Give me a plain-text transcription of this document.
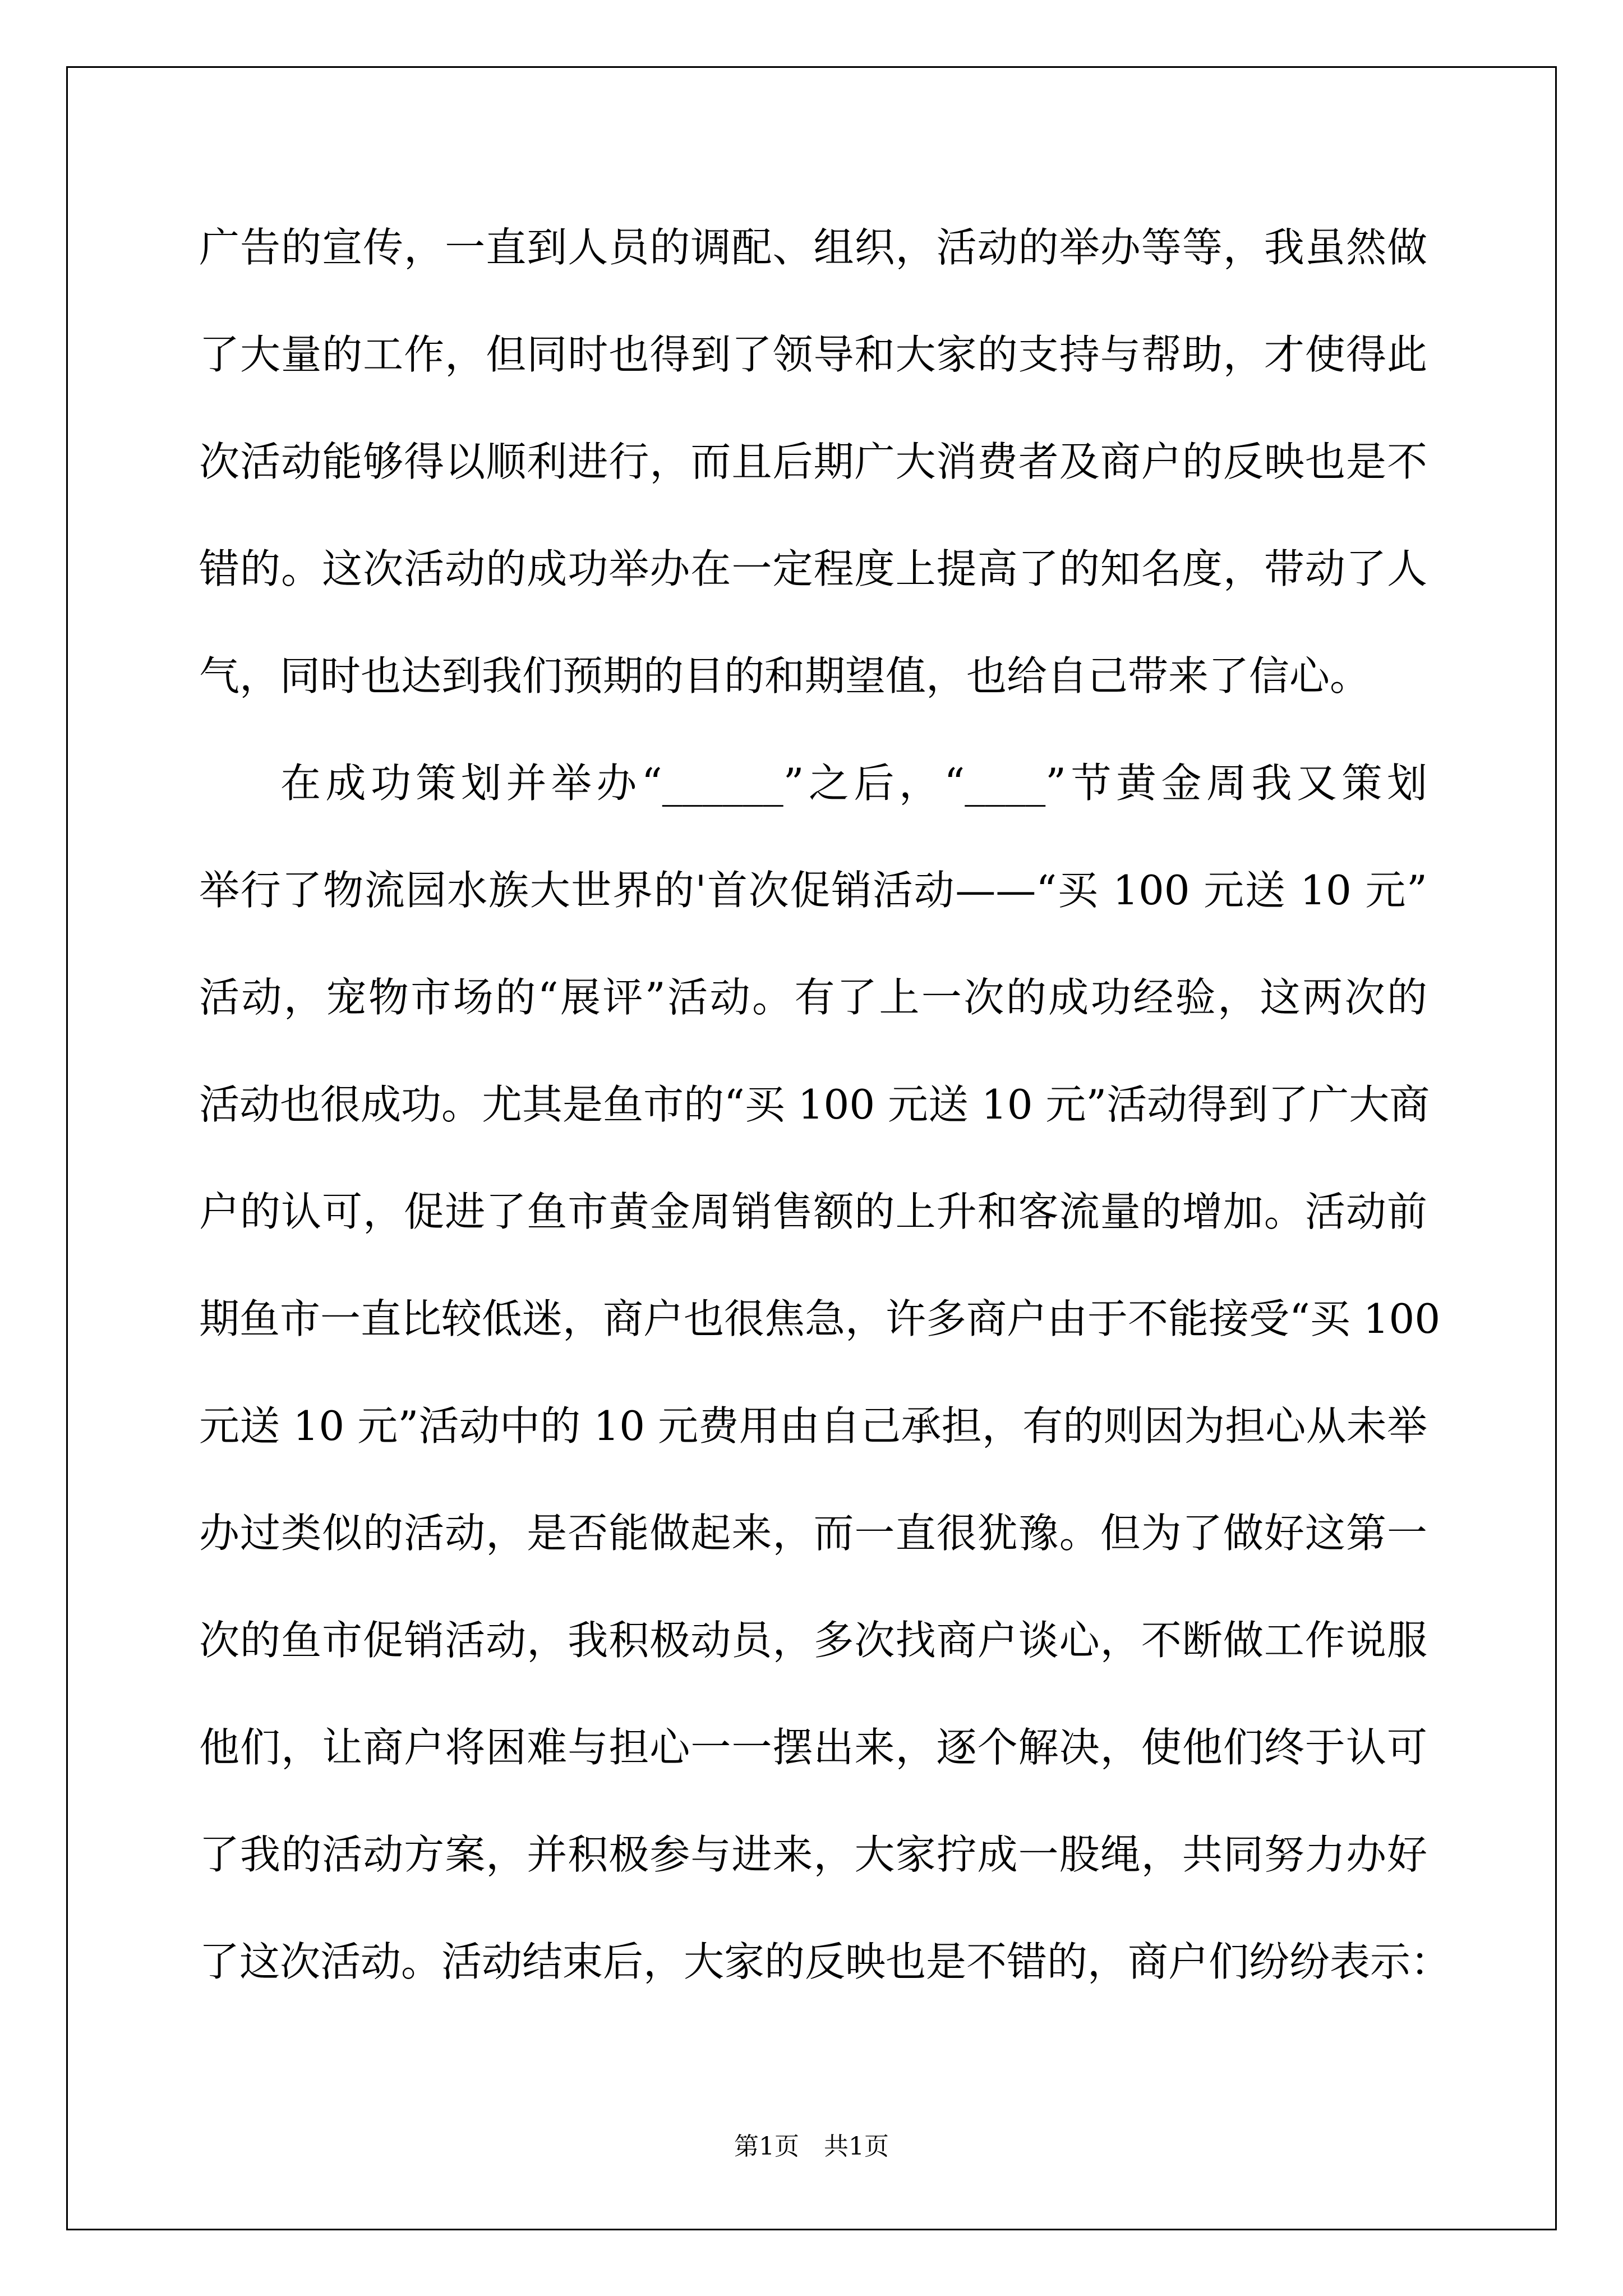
广告的宣传，一直到人员的调配、组织，活动的举办等等，我虽然做
了大量的工作，但同时也得到了领导和大家的支持与帮助，才使得此
次活动能够得以顺利进行，而且后期广大消费者及商户的反映也是不
错的。这次活动的成功举办在一定程度上提高了的知名度，带动了人
气，同时也达到我们预期的目的和期望值，也给自己带来了信心。
在成功策划并举办“______”之后，“____”节黄金周我又策划
举行了物流园水族大世界的'首次促销活动——“买 100 元送 10 元”
活动，宠物市场的“展评”活动。有了上一次的成功经验，这两次的
活动也很成功。尤其是鱼市的“买 100 元送 10 元”活动得到了广大商
户的认可，促进了鱼市黄金周销售额的上升和客流量的增加。活动前
期鱼市一直比较低迷，商户也很焦急，许多商户由于不能接受“买 100
元送 10 元”活动中的 10 元费用由自己承担，有的则因为担心从未举
办过类似的活动，是否能做起来，而一直很犹豫。但为了做好这第一
次的鱼市促销活动，我积极动员，多次找商户谈心，不断做工作说服
他们，让商户将困难与担心一一摆出来，逐个解决，使他们终于认可
了我的活动方案，并积极参与进来，大家拧成一股绳，共同努力办好
了这次活动。活动结束后，大家的反映也是不错的，商户们纷纷表示：
第1页　共1页
